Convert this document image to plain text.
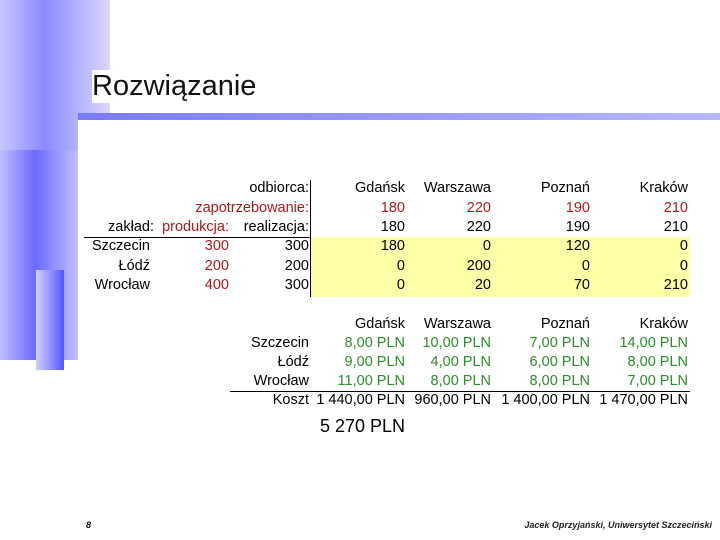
Rozwiązanie
odbiorca:	Gdańsk Warszawa	Poznań	Kraków
zapotrzebowanie:	180	220	190	210
zakład: produkcja: realizacja:	180	220	190	210
Szczecin	300	300	180	0	120	0
Łódź	200	200	0	200	0	0
Wrocław	400	300	0	20	70	210
Gdańsk Warszawa	Poznań	Kraków
Szczecin 8,00 PLN 10,00 PLN	7,00 PLN 14,00 PLN
Łódź 9,00 PLN 4,00 PLN	6,00 PLN	8,00 PLN
Wrocław 11,00 PLN 8,00 PLN	8,00 PLN	7,00 PLN
Koszt 1 440,00 PLN 960,00 PLN 1 400,00 PLN 1 470,00 PLN
5 270 PLN
8	Jacek Oprzyjański, Uniwersytet Szczeciński
